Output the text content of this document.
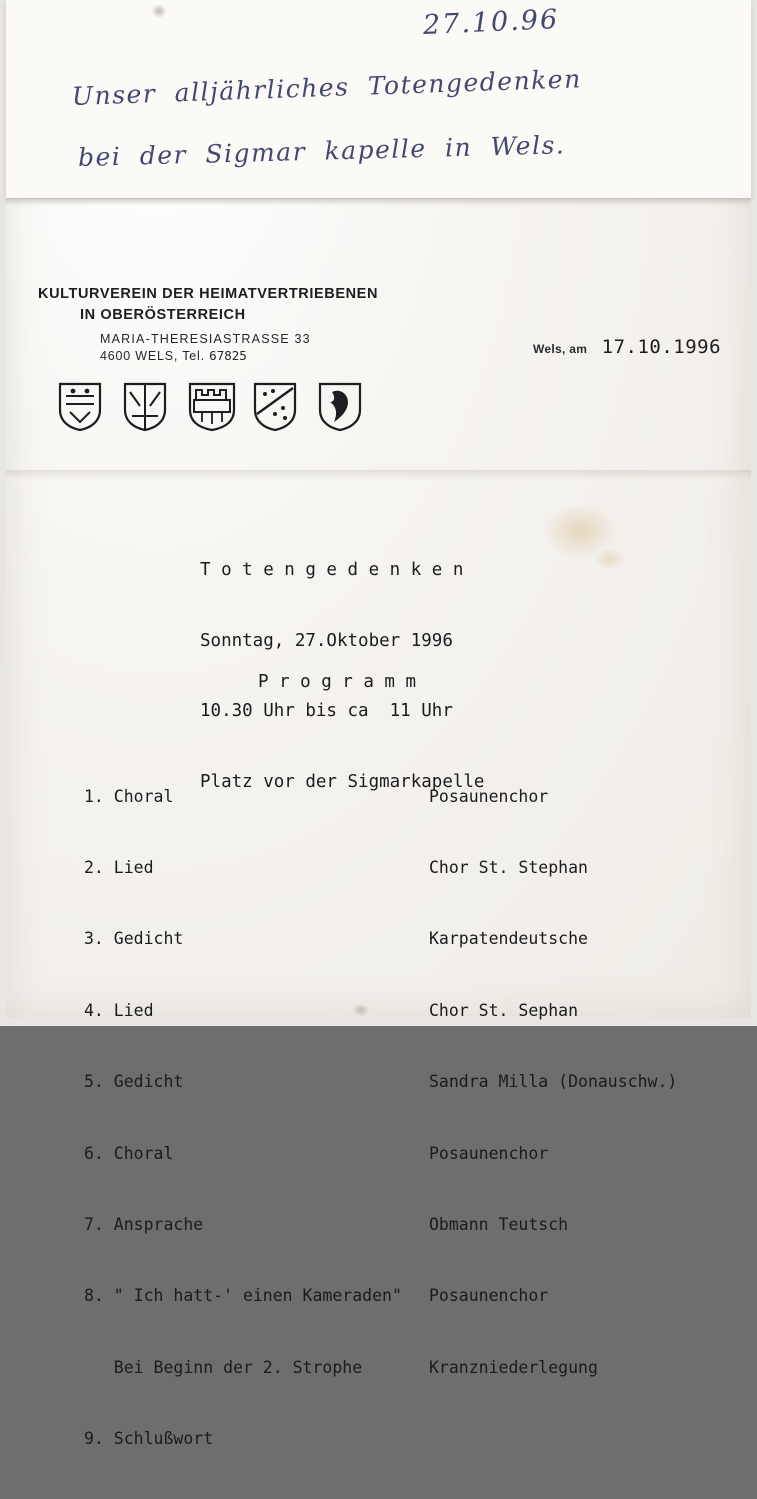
27.10.96
Unser alljährliches Totengedenken
bei der Sigmar kapelle in Wels.
KULTURVEREIN DER HEIMATVERTRIEBENEN
IN OBERÖSTERREICH
MARIA-THERESIASTRASSE 33
4600 WELS, Tel. 67825	Wels, am 17.10.1996

T o t e n g e d e n k e n

Sonntag, 27.Oktober 1996

10.30 Uhr bis ca  11 Uhr

Platz vor der Sigmarkapelle

P r o g r a m m

1. Choral	Posaunenchor

2. Lied	Chor St. Stephan

3. Gedicht	Karpatendeutsche

4. Lied	Chor St. Sephan

5. Gedicht	Sandra Milla (Donauschw.)

6. Choral	Posaunenchor

7. Ansprache	Obmann Teutsch

8. " Ich hatt-' einen Kameraden"	Posaunenchor

Bei Beginn der 2. Strophe	Kranzniederlegung

9. Schlußwort
